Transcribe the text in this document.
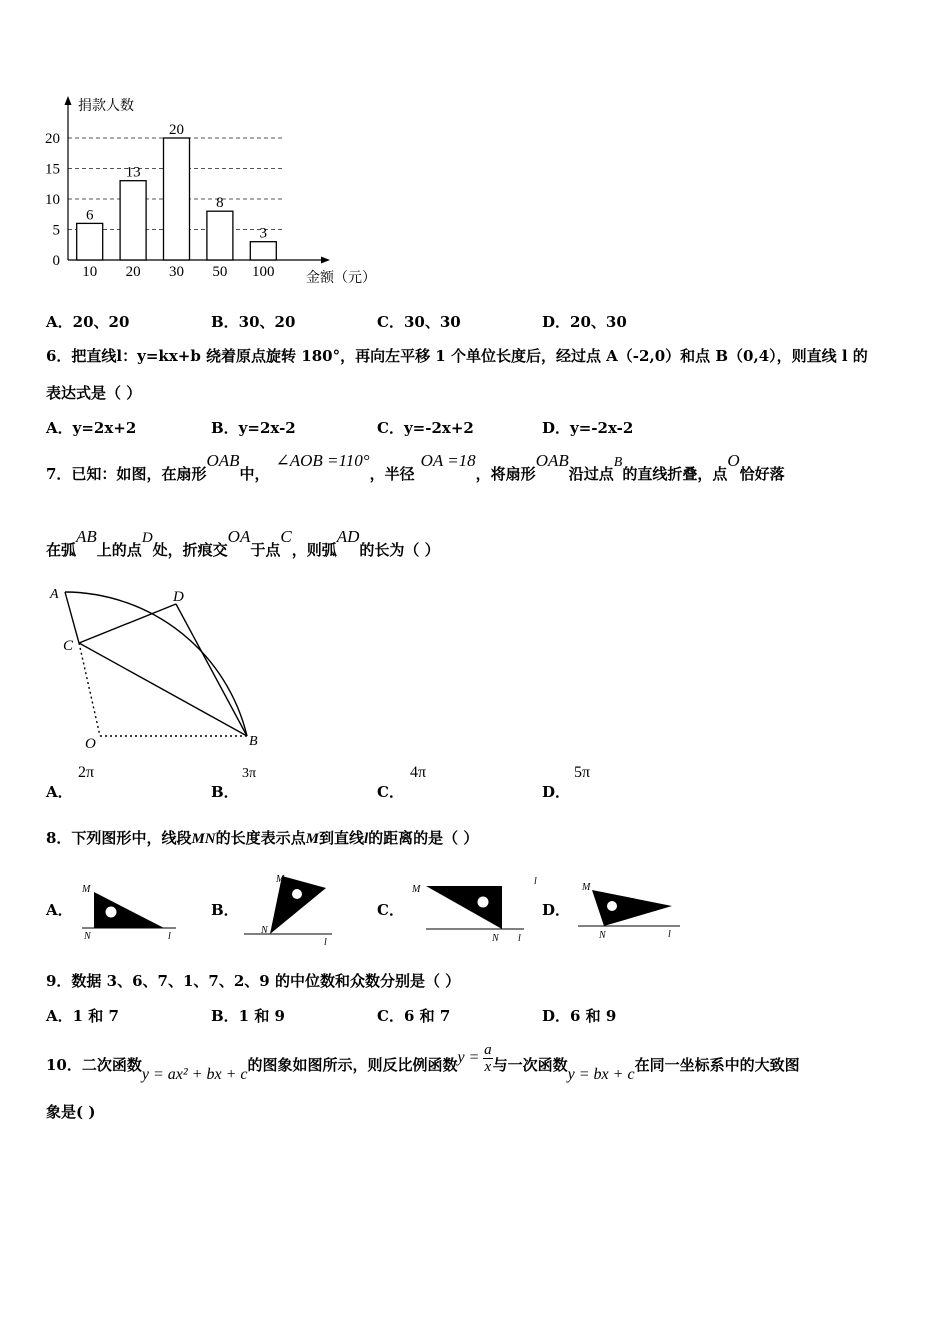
0
5
10
15
20
10 20 30 50 100
6
13
20
8
3
捐款人数
金额（元）
A．20、20	B．30、20	C．30、30	D．20、30
6．把直线l：y=kx+b 绕着原点旋转 180°，再向左平移 1 个单位长度后，经过点 A（-2,0）和点 B（0,4），则直线 l 的
表达式是（ ）
A．y=2x+2	B．y=2x-2	C．y=-2x+2	D．y=-2x-2
7．已知：如图，在扇形OAB中，∠AOB =110°，半径OA =18，将扇形OAB沿过点B的直线折叠，点O恰好落
在弧AB上的点D处，折痕交OA于点C，则弧AD的长为（ ）
A	D
C
O	B
A．
2π
B．
3π
C．
4π
D．
5π
8．下列图形中，线段MN的长度表示点M到直线l的距离的是（ ）
A．
M
N	l
B．
M
N
l
C．
M
N l
l
D．
M
N	l
9．数据 3、6、7、1、7、2、9 的中位数和众数分别是（ ）
A．1 和 7	B．1 和 9	C．6 和 7	D．6 和 9
10．二次函数y = ax² + bx + c的图象如图所示，则反比例函数$y = \frac{a}{x}$ 与一次函数y = bx + c在同一坐标系中的大致图
象是( )
